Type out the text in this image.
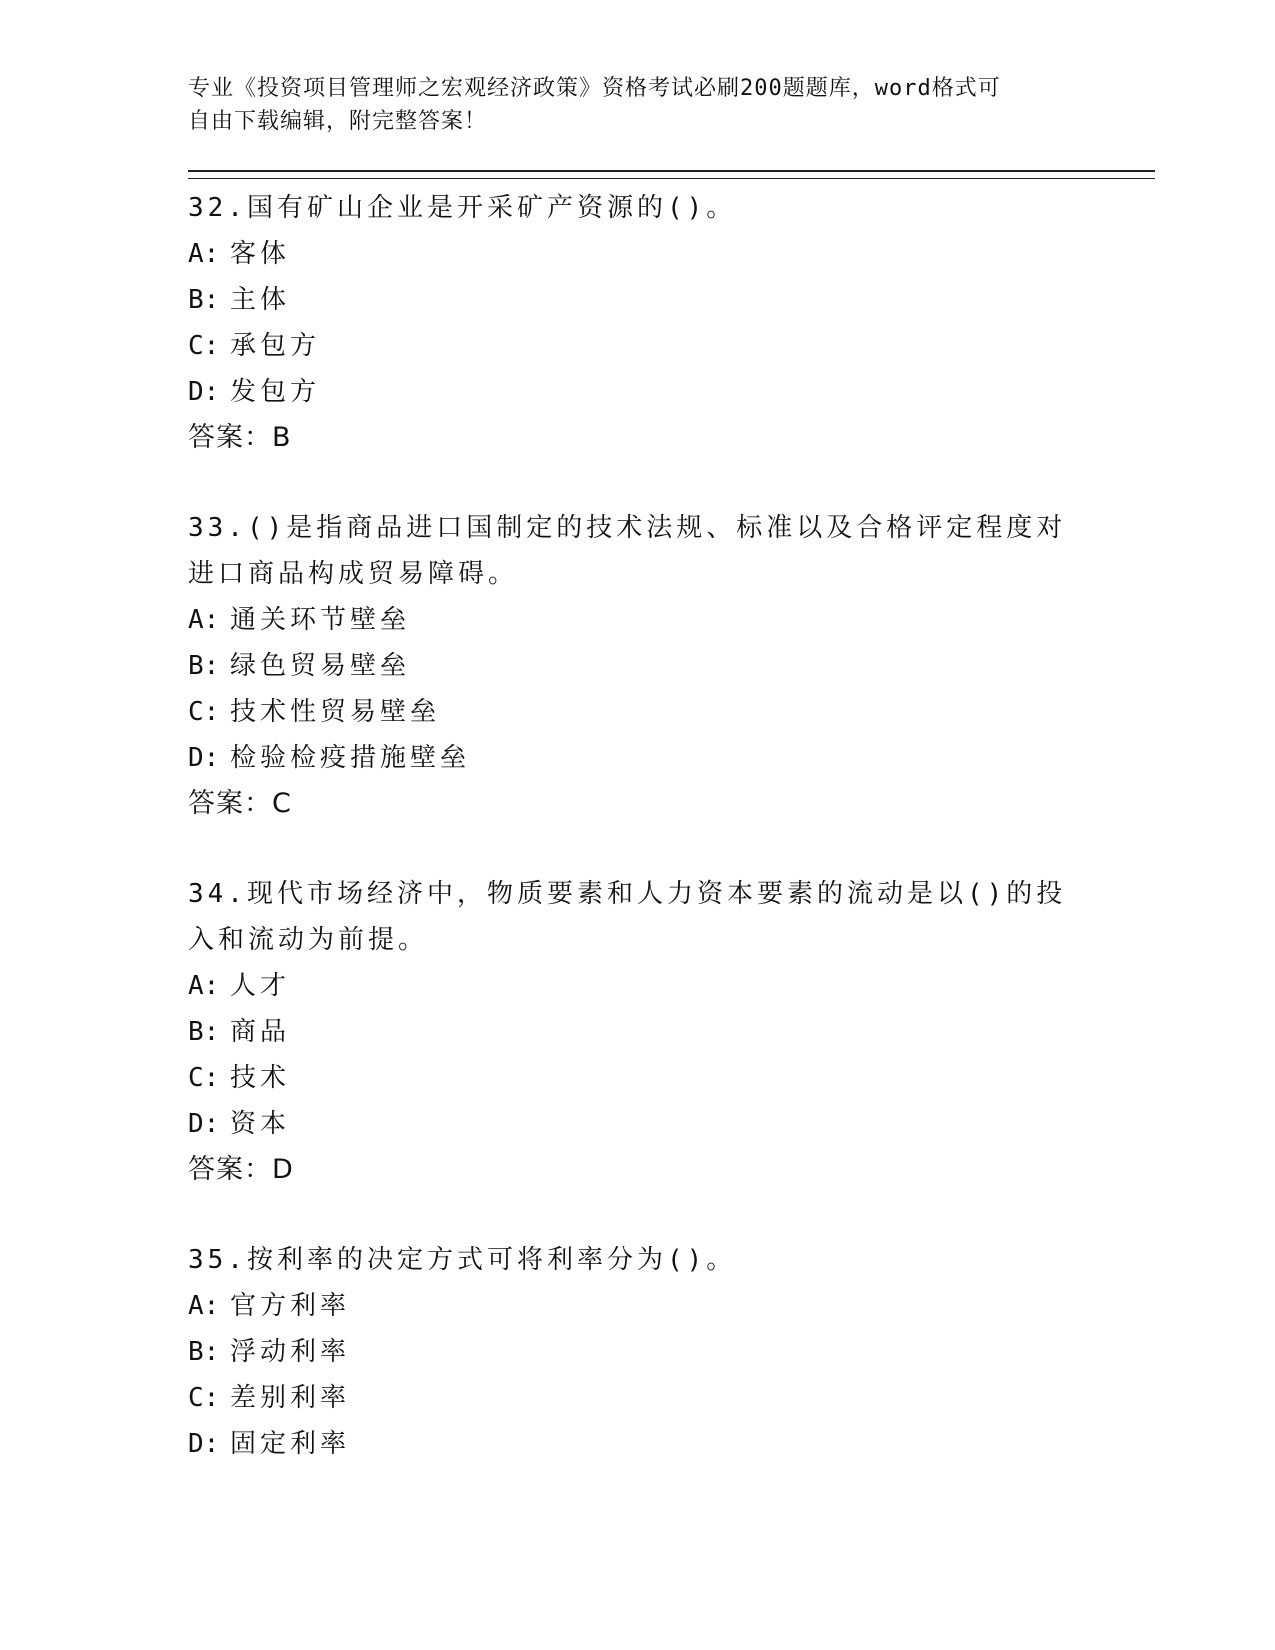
专业《投资项目管理师之宏观经济政策》资格考试必刷200题题库，word格式可
自由下载编辑，附完整答案！
32.国有矿山企业是开采矿产资源的()。
A: 客体
B: 主体
C: 承包方
D: 发包方
答案：B
33.()是指商品进口国制定的技术法规、标准以及合格评定程度对进口商品构成贸易障碍。
A: 通关环节壁垒
B: 绿色贸易壁垒
C: 技术性贸易壁垒
D: 检验检疫措施壁垒
答案：C
34.现代市场经济中，物质要素和人力资本要素的流动是以()的投入和流动为前提。
A: 人才
B: 商品
C: 技术
D: 资本
答案：D
35.按利率的决定方式可将利率分为()。
A: 官方利率
B: 浮动利率
C: 差别利率
D: 固定利率
